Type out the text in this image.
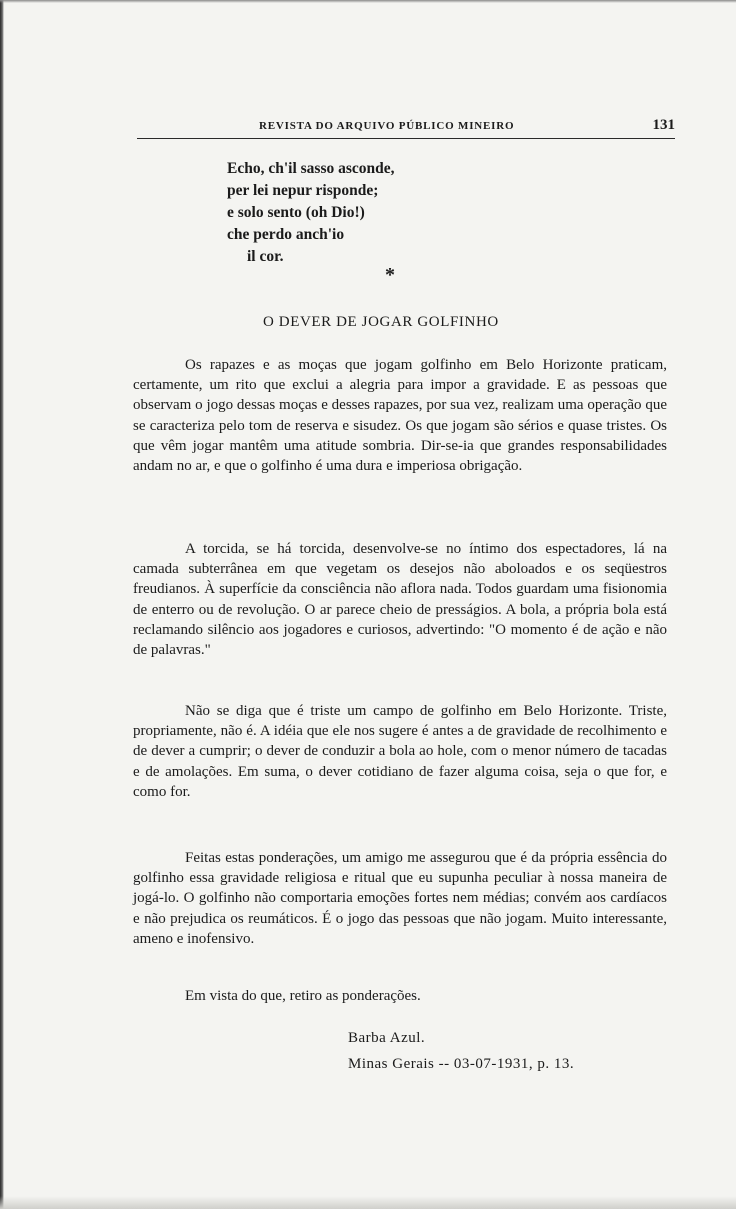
REVISTA DO ARQUIVO PÚBLICO MINEIRO	131
Echo, ch'il sasso asconde,
per lei nepur risponde;
e solo sento (oh Dio!)
che perdo anch'io
il cor.
*
O DEVER DE JOGAR GOLFINHO

Os rapazes e as moças que jogam golfinho em Belo Horizonte praticam, certamente, um rito que exclui a alegria para impor a gravidade. E as pessoas que observam o jogo dessas moças e desses rapazes, por sua vez, realizam uma operação que se caracteriza pelo tom de reserva e sisudez. Os que jogam são sérios e quase tristes. Os que vêm jogar mantêm uma atitude sombria. Dir-se-ia que grandes responsabilidades andam no ar, e que o golfinho é uma dura e imperiosa obrigação.

A torcida, se há torcida, desenvolve-se no íntimo dos espectadores, lá na camada subterrânea em que vegetam os desejos não aboloados e os seqüestros freudianos. À superfície da consciência não aflora nada. Todos guardam uma fisionomia de enterro ou de revolução. O ar parece cheio de presságios. A bola, a própria bola está reclamando silêncio aos jogadores e curiosos, advertindo: "O momento é de ação e não de palavras."

Não se diga que é triste um campo de golfinho em Belo Horizonte. Triste, propriamente, não é. A idéia que ele nos sugere é antes a de gravidade de recolhimento e de dever a cumprir; o dever de conduzir a bola ao hole, com o menor número de tacadas e de amolações. Em suma, o dever cotidiano de fazer alguma coisa, seja o que for, e como for.

Feitas estas ponderações, um amigo me assegurou que é da própria essência do golfinho essa gravidade religiosa e ritual que eu supunha peculiar à nossa maneira de jogá-lo. O golfinho não comportaria emoções fortes nem médias; convém aos cardíacos e não prejudica os reumáticos. É o jogo das pessoas que não jogam. Muito interessante, ameno e inofensivo.

Em vista do que, retiro as ponderações.

Barba Azul.
Minas Gerais -- 03-07-1931, p. 13.
